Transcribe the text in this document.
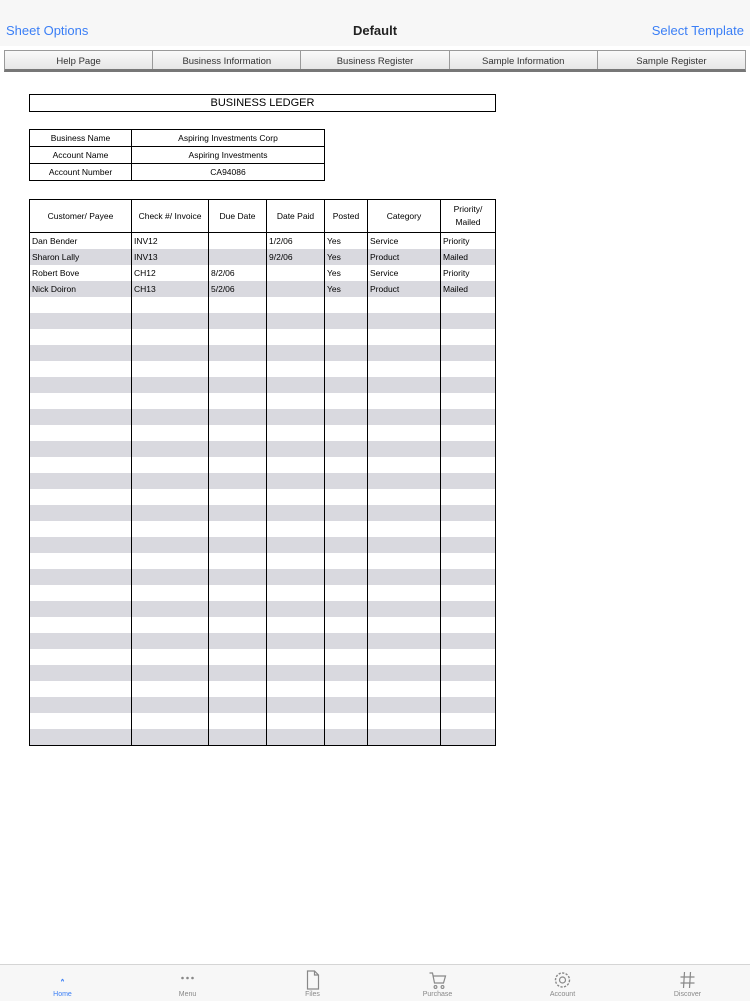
Sheet Options	Default	Select Template
Help Page	Business Information	Business Register	Sample Information	Sample Register
BUSINESS LEDGER
Business Name	Aspiring Investments Corp
Account Name	Aspiring Investments
Account Number	CA94086
Customer/ Payee	Check #/ Invoice	Due Date	Date Paid	Posted	Category	Priority/
Mailed
Dan Bender	INV12		1/2/06	Yes	Service	Priority
Sharon Lally	INV13		9/2/06	Yes	Product	Mailed
Robert Bove	CH12	8/2/06		Yes	Service	Priority
Nick Doiron	CH13	5/2/06		Yes	Product	Mailed

Home	Menu	Files	Purchase	Account	Discover
